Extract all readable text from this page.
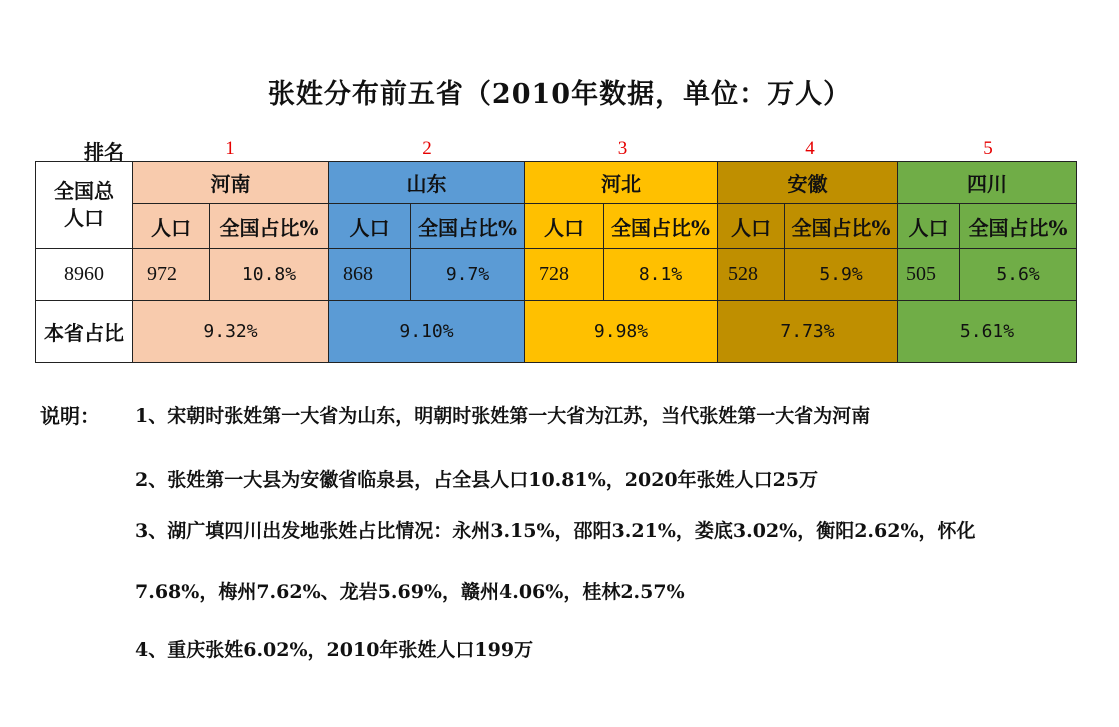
张姓分布前五省（2010年数据，单位：万人）
排名	1	2	3	4	5
全国总人口	河南		山东		河北		安徽		四川	
	人口	全国占比%	人口	全国占比%	人口	全国占比%	人口	全国占比%	人口	全国占比%
8960	972	10.8%	868	9.7%	728	8.1%	528	5.9%	505	5.6%
本省占比	9.32%		9.10%		9.98%		7.73%		5.61%	
说明： 1、宋朝时张姓第一大省为山东，明朝时张姓第一大省为江苏，当代张姓第一大省为河南
2、张姓第一大县为安徽省临泉县，占全县人口10.81%，2020年张姓人口25万
3、湖广填四川出发地张姓占比情况：永州3.15%，邵阳3.21%，娄底3.02%，衡阳2.62%，怀化
7.68%，梅州7.62%、龙岩5.69%，赣州4.06%，桂林2.57%
4、重庆张姓6.02%，2010年张姓人口199万
